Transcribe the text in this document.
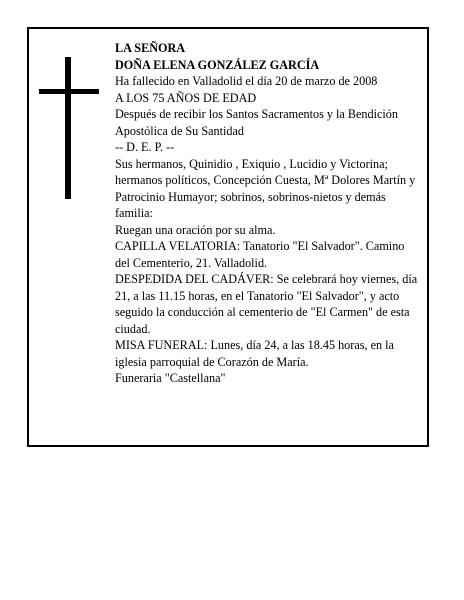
LA SEÑORA

DOÑA ELENA GONZÁLEZ GARCÍA

Ha fallecido en Valladolid el día 20 de marzo de 2008

A LOS 75 AÑOS DE EDAD

Después de recibir los Santos Sacramentos y la Bendición Apostólica de Su Santidad

-- D. E. P. --

Sus hermanos, Quinidio , Exiquio , Lucidio y Victorina; hermanos políticos, Concepción Cuesta, Mª Dolores Martín y Patrocinio Humayor; sobrinos, sobrinos-nietos y demás familia:

Ruegan una oración por su alma.

CAPILLA VELATORIA: Tanatorio "El Salvador". Camino del Cementerio, 21. Valladolid.

DESPEDIDA DEL CADÁVER: Se celebrará hoy viernes, día 21, a las 11.15 horas, en el Tanatorio "El Salvador", y acto seguido la conducción al cementerio de "El Carmen" de esta ciudad.

MISA FUNERAL: Lunes, día 24, a las 18.45 horas, en la iglesia parroquial de Corazón de María.

Funeraria "Castellana"
